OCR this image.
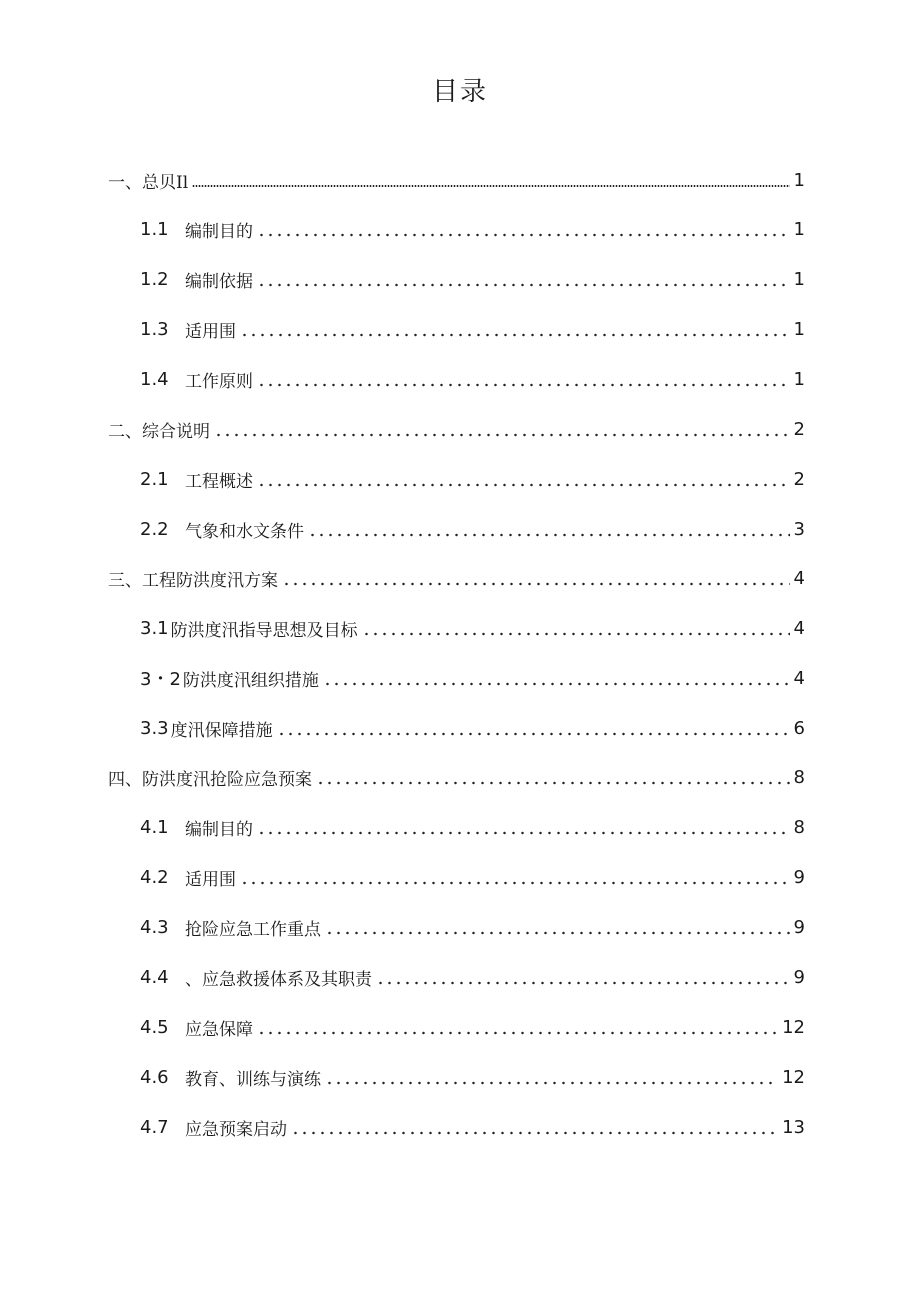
目录
一、总贝Il	1
1.1 编制目的	1
1.2 编制依据	1
1.3 适用围	1
1.4 工作原则	1
二、综合说明	2
2.1 工程概述	2
2.2 气象和水文条件	3
三、工程防洪度汛方案	4
3.1 防洪度汛指导思想及目标	4
3・2 防洪度汛组织措施	4
3.3 度汛保障措施	6
四、防洪度汛抢险应急预案	8
4.1 编制目的	8
4.2 适用围	9
4.3 抢险应急工作重点	9
4.4 、应急救援体系及其职责	9
4.5 应急保障	12
4.6 教育、训练与演练	12
4.7 应急预案启动	13
